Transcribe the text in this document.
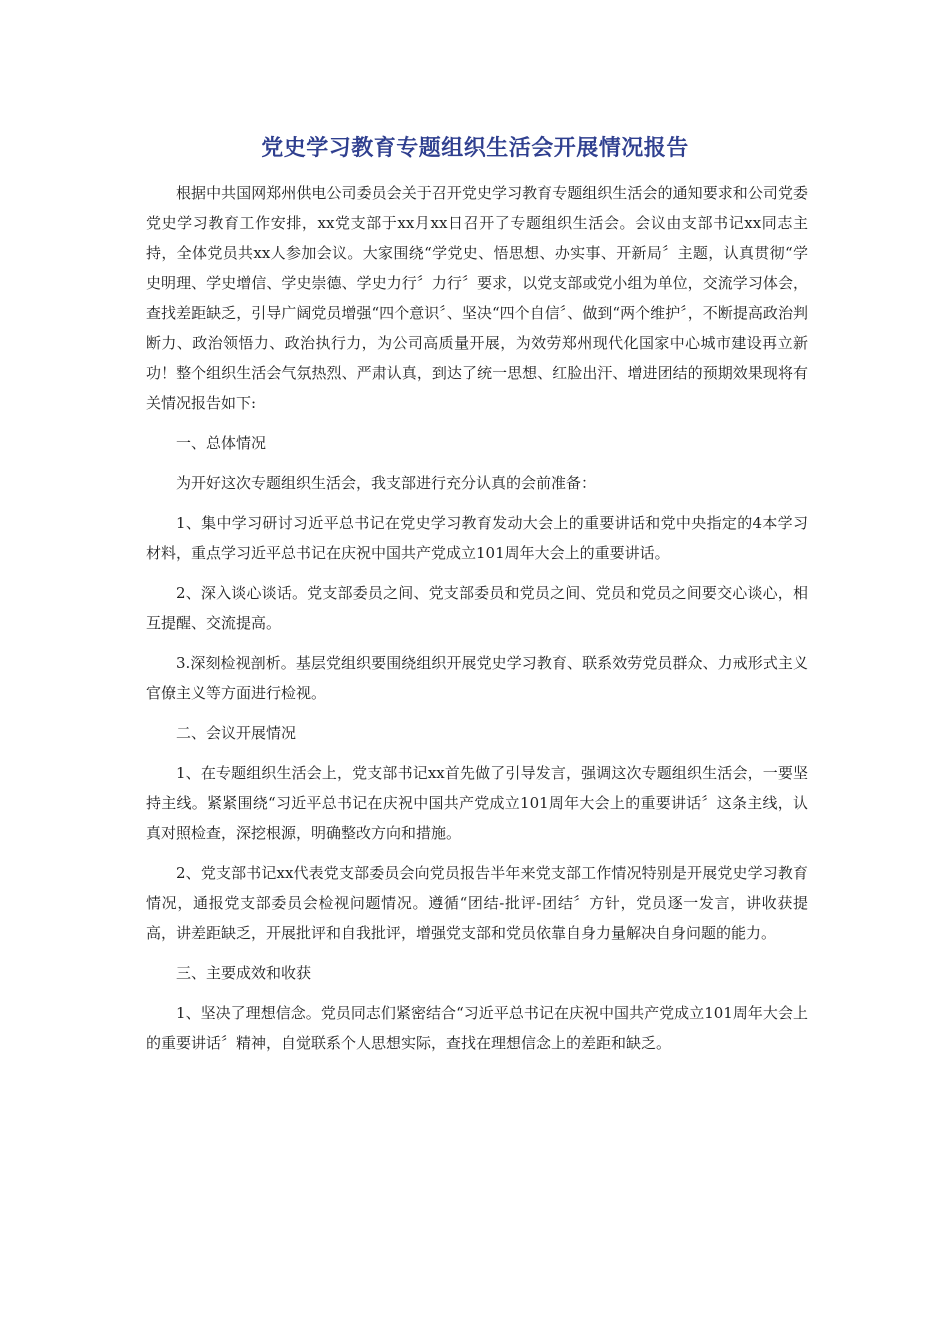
党史学习教育专题组织生活会开展情况报告

根据中共国网郑州供电公司委员会关于召开党史学习教育专题组织生活会的通知要求和公司党委党史学习教育工作安排，xx党支部于xx月xx日召开了专题组织生活会。会议由支部书记xx同志主持，全体党员共xx人参加会议。大家围绕“学党史、悟思想、办实事、开新局〞主题，认真贯彻“学史明理、学史增信、学史崇德、学史力行〞力行〞要求，以党支部或党小组为单位，交流学习体会，查找差距缺乏，引导广阔党员增强“四个意识〞、坚决“四个自信〞、做到“两个维护〞，不断提高政治判断力、政治领悟力、政治执行力，为公司高质量开展，为效劳郑州现代化国家中心城市建设再立新功！整个组织生活会气氛热烈、严肃认真，到达了统一思想、红脸出汗、增进团结的预期效果现将有关情况报告如下:

一、总体情况

为开好这次专题组织生活会，我支部进行充分认真的会前准备：

1、集中学习研讨习近平总书记在党史学习教育发动大会上的重要讲话和党中央指定的4本学习材料，重点学习近平总书记在庆祝中国共产党成立101周年大会上的重要讲话。

2、深入谈心谈话。党支部委员之间、党支部委员和党员之间、党员和党员之间要交心谈心，相互提醒、交流提高。

3.深刻检视剖析。基层党组织要围绕组织开展党史学习教育、联系效劳党员群众、力戒形式主义官僚主义等方面进行检视。

二、会议开展情况

1、在专题组织生活会上，党支部书记xx首先做了引导发言，强调这次专题组织生活会，一要坚持主线。紧紧围绕“习近平总书记在庆祝中国共产党成立101周年大会上的重要讲话〞这条主线，认真对照检查，深挖根源，明确整改方向和措施。

2、党支部书记xx代表党支部委员会向党员报告半年来党支部工作情况特别是开展党史学习教育情况，通报党支部委员会检视问题情况。遵循“团结-批评-团结〞方针，党员逐一发言，讲收获提高，讲差距缺乏，开展批评和自我批评，增强党支部和党员依靠自身力量解决自身问题的能力。

三、主要成效和收获

1、坚决了理想信念。党员同志们紧密结合“习近平总书记在庆祝中国共产党成立101周年大会上的重要讲话〞精神，自觉联系个人思想实际，查找在理想信念上的差距和缺乏。
